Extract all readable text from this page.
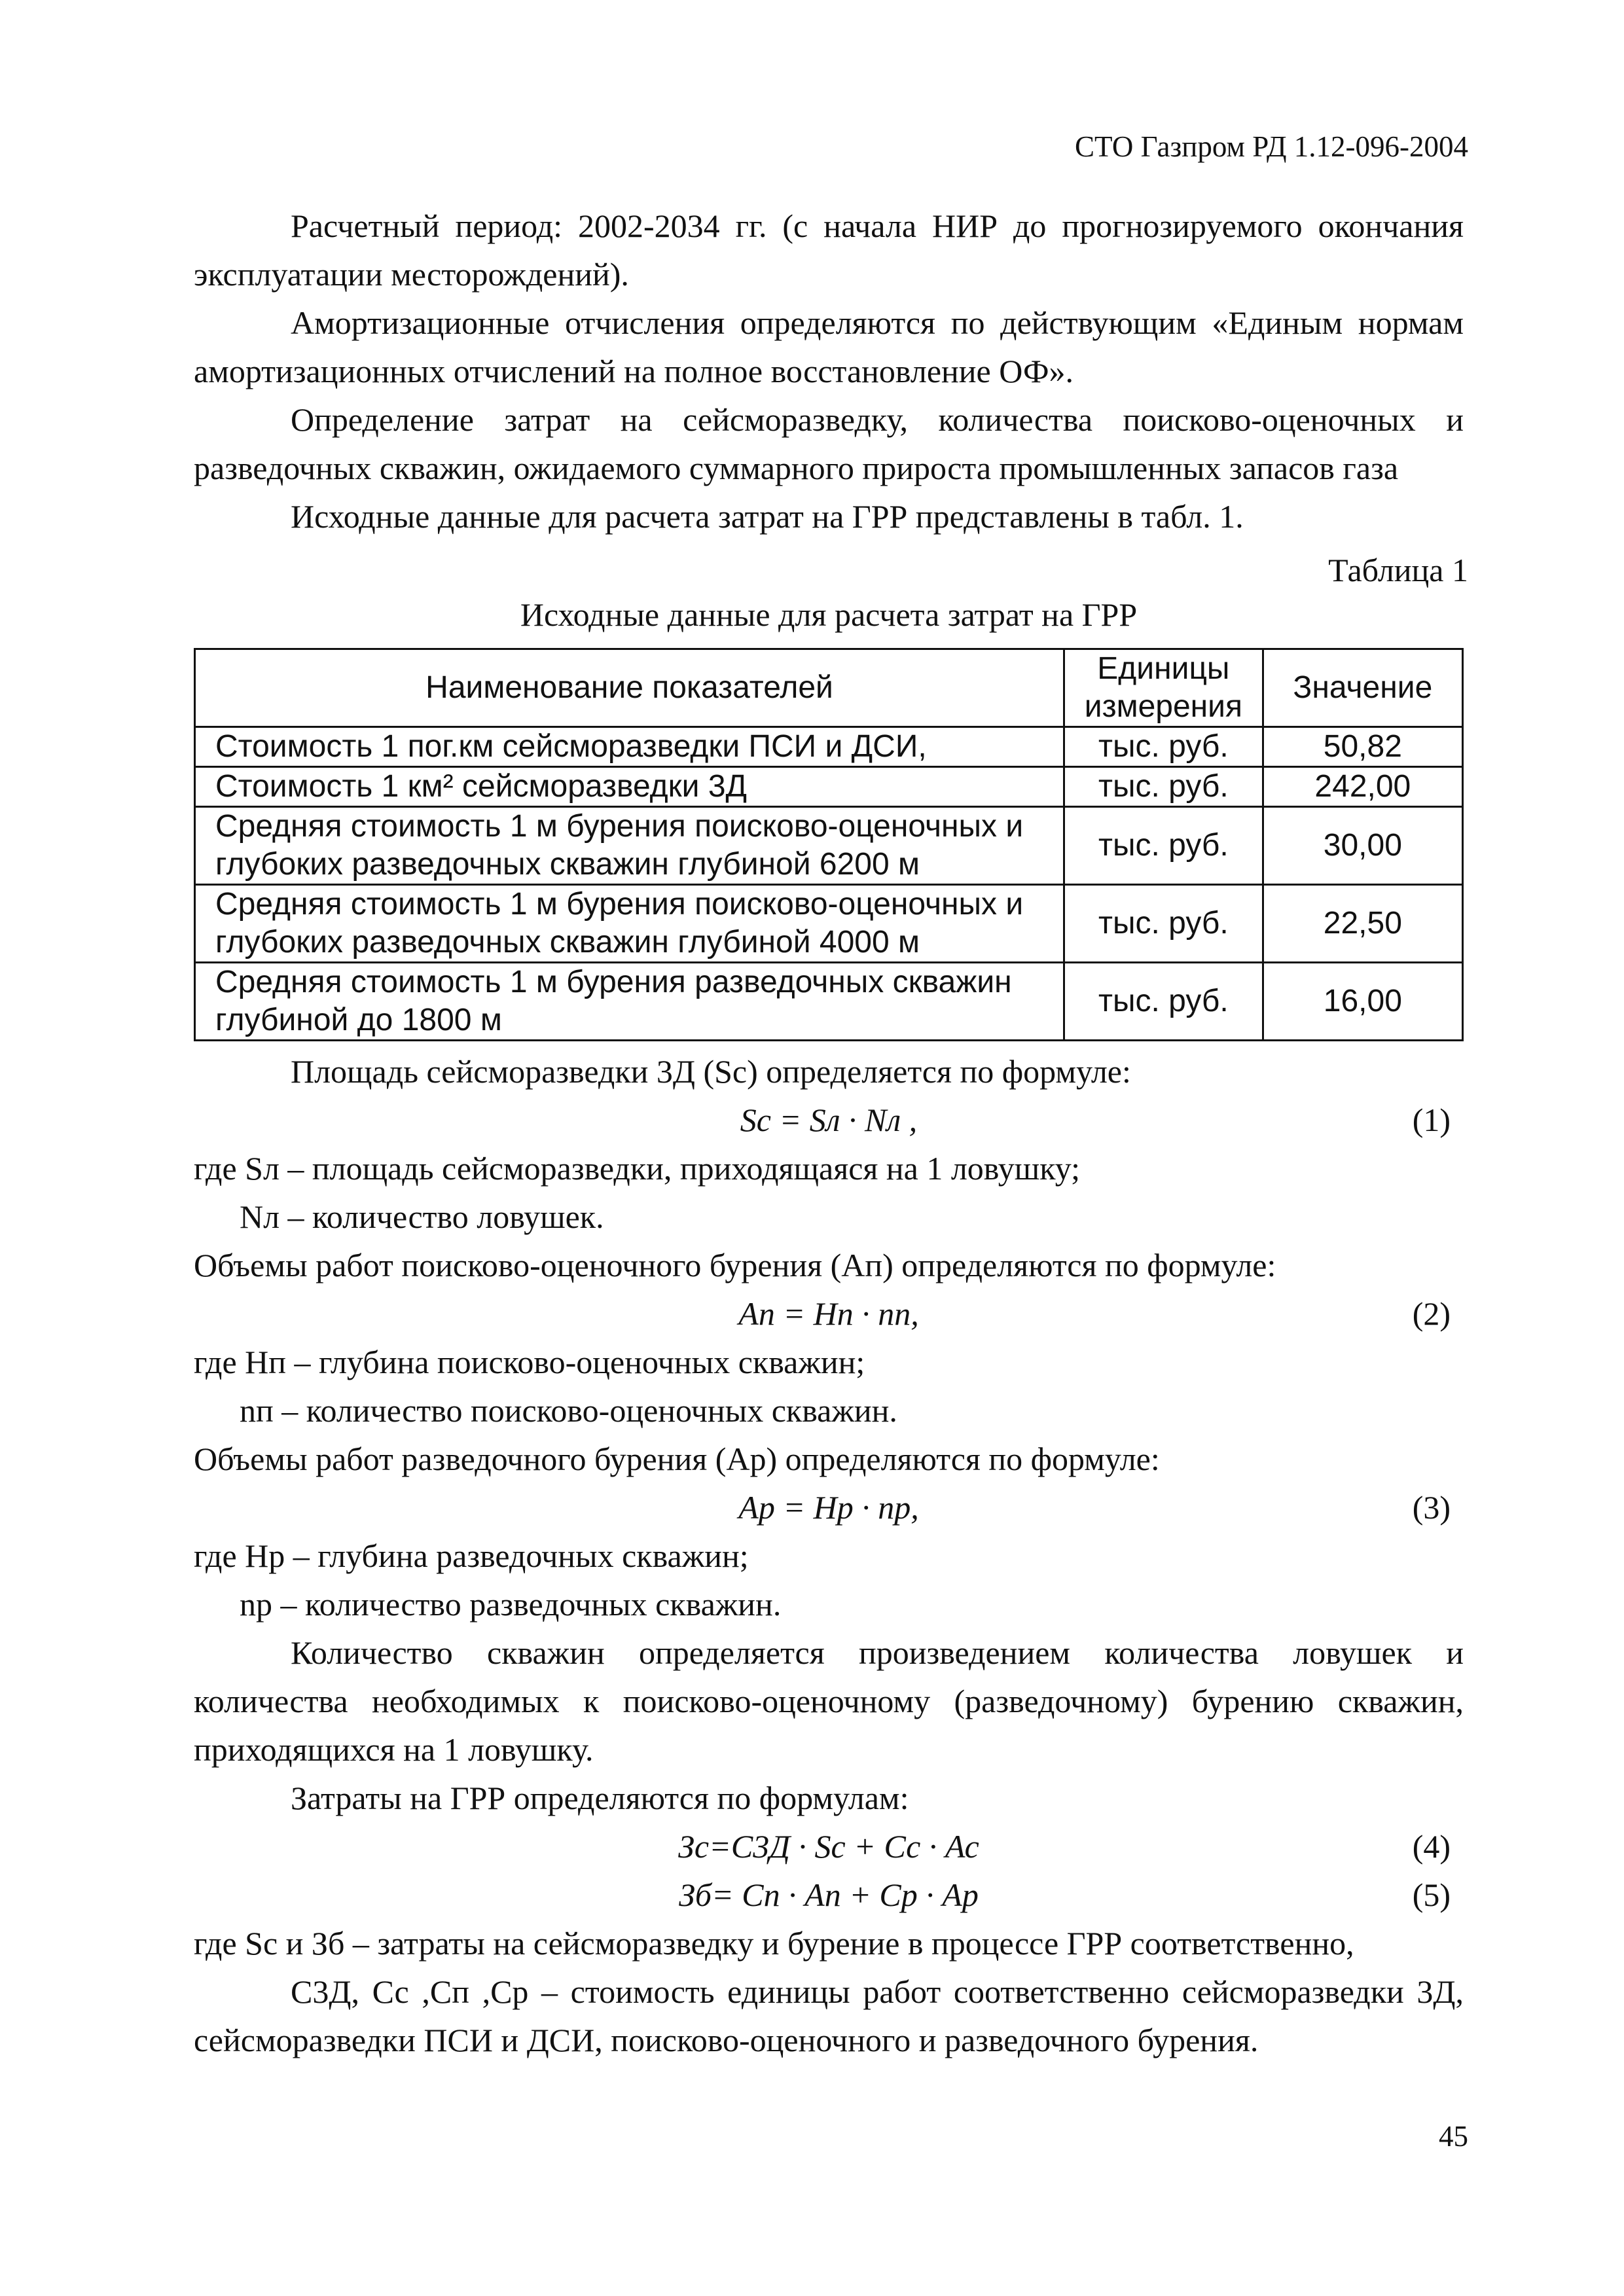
СТО Газпром РД 1.12-096-2004

Расчетный период: 2002-2034 гг. (с начала НИР до прогнозируемого окончания эксплуатации месторождений).

Амортизационные отчисления определяются по действующим «Единым нормам амортизационных отчислений на полное восстановление ОФ».

Определение затрат на сейсморазведку, количества поисково-оценочных и разведочных скважин, ожидаемого суммарного прироста промышленных запасов газа

Исходные данные для расчета затрат на ГРР представлены в табл. 1.

Таблица 1
Исходные данные для расчета затрат на ГРР
Наименование показателей	Единицы измерения	Значение
Стоимость 1 пог.км сейсморазведки ПСИ и ДСИ,	тыс. руб.	50,82
Стоимость 1 км² сейсморазведки 3Д	тыс. руб.	242,00
Средняя стоимость 1 м бурения поисково-оценочных и глубоких разведочных скважин глубиной 6200 м	тыс. руб.	30,00
Средняя стоимость 1 м бурения поисково-оценочных и глубоких разведочных скважин глубиной 4000 м	тыс. руб.	22,50
Средняя стоимость 1 м бурения разведочных скважин глубиной до 1800 м	тыс. руб.	16,00

Площадь сейсморазведки 3Д (Sс) определяется по формуле:

Sс = Sл · Nл ,	(1)

где Sл – площадь сейсморазведки, приходящаяся на 1 ловушку;

Nл – количество ловушек.

Объемы работ поисково-оценочного бурения (Ап) определяются по формуле:

Ап = Нп · nп,	(2)

где Нп – глубина поисково-оценочных скважин;

nп – количество поисково-оценочных скважин.

Объемы работ разведочного бурения (Ар) определяются по формуле:

Ар = Нр · nр,	(3)

где Нр – глубина разведочных скважин;

nр – количество разведочных скважин.

Количество скважин определяется произведением количества ловушек и количества необходимых к поисково-оценочному (разведочному) бурению скважин, приходящихся на 1 ловушку.

Затраты на ГРР определяются по формулам:

Зс=С3Д · Sс + Сс · Ас	(4)
Зб= Сп · Ап + Ср · Ар	(5)

где Sс и Зб – затраты на сейсморазведку и бурение в процессе ГРР соответственно,

С3Д, Сс ,Сп ,Ср – стоимость единицы работ соответственно сейсморазведки 3Д, сейсморазведки ПСИ и ДСИ, поисково-оценочного и разведочного бурения.

45
